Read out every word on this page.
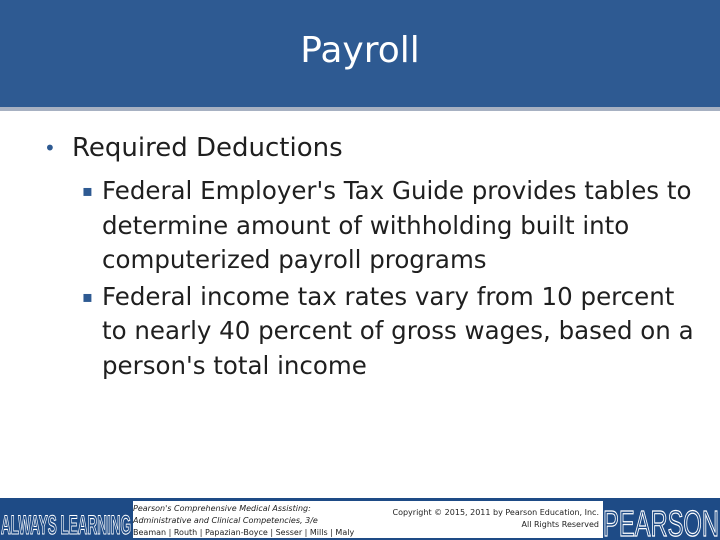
Payroll
• Required Deductions
▪ Federal Employer's Tax Guide provides tables to determine amount of withholding built into computerized payroll programs
▪ Federal income tax rates vary from 10 percent to nearly 40 percent of gross wages, based on a person's total income
ALWAYS LEARNING
Pearson's Comprehensive Medical Assisting:
Administrative and Clinical Competencies, 3/e
Beaman | Routh | Papazian-Boyce | Sesser | Mills | Maly
Copyright © 2015, 2011 by Pearson Education, Inc.
All Rights Reserved PEARSON
